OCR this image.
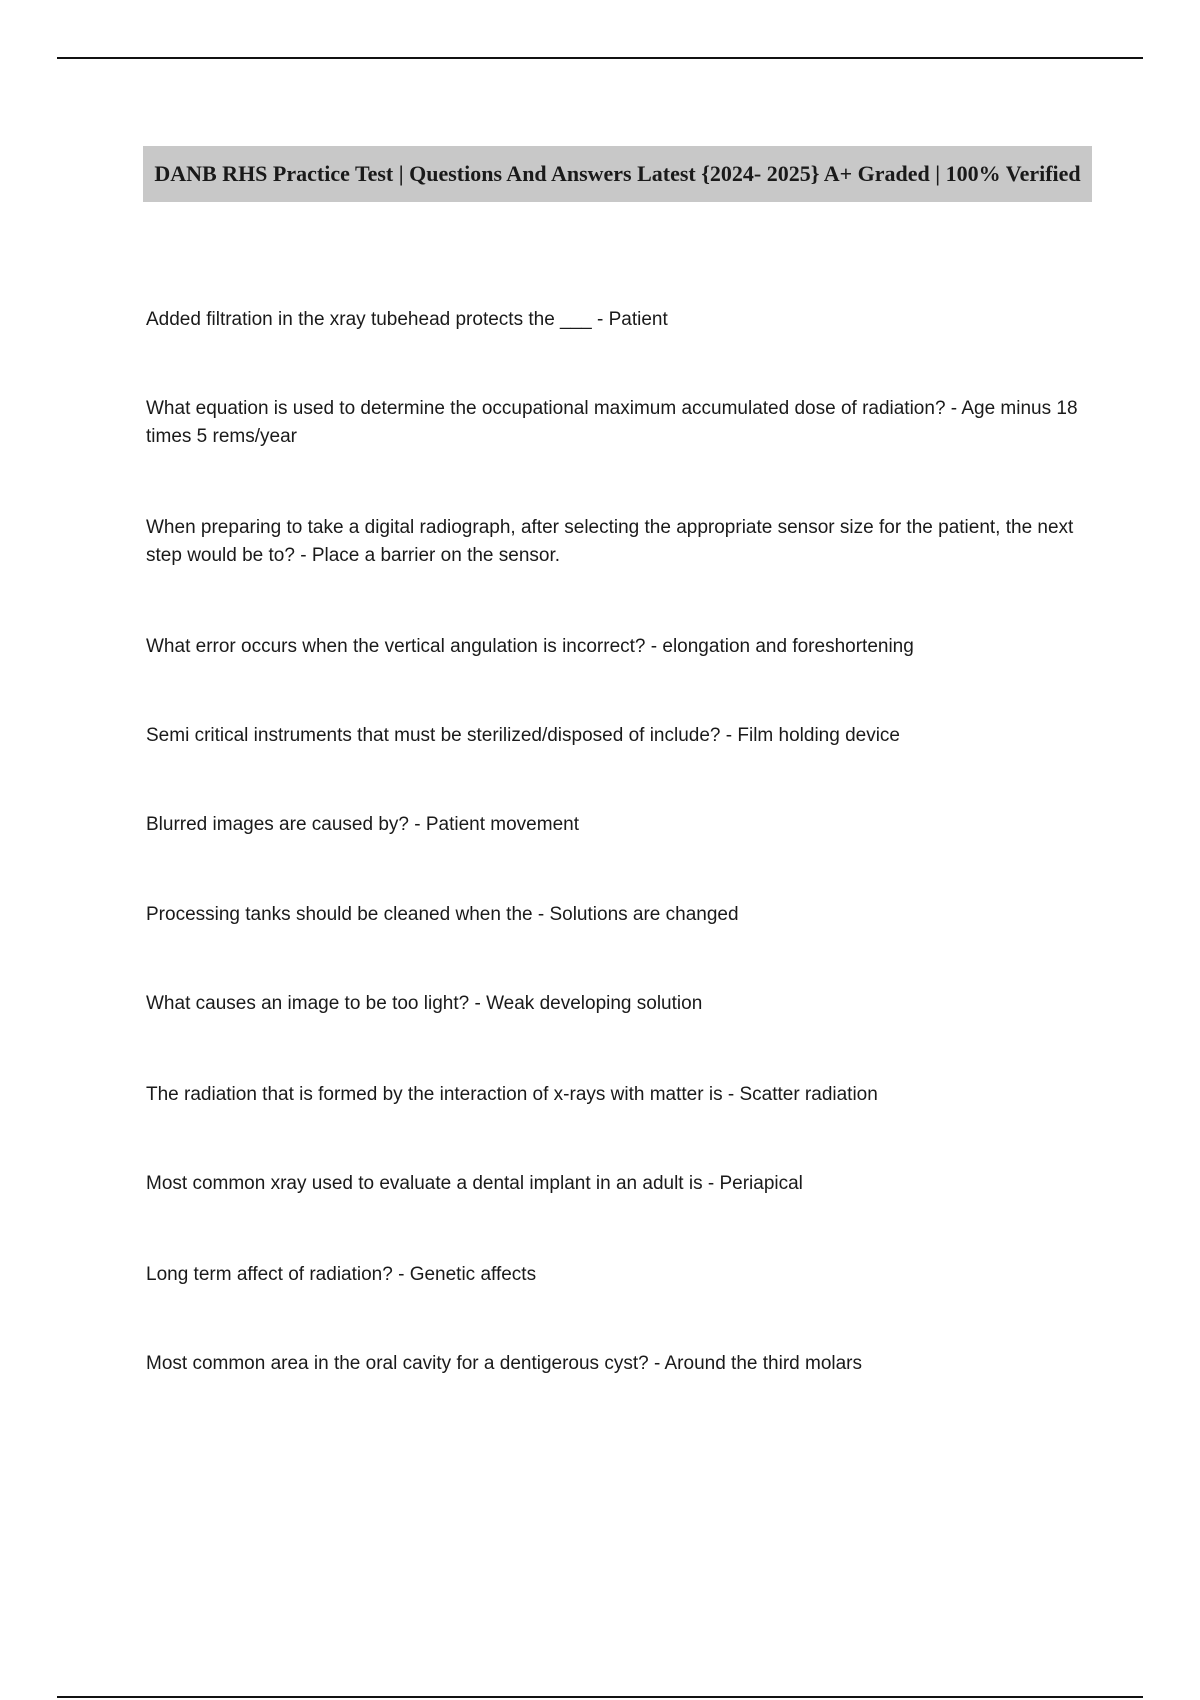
DANB RHS Practice Test | Questions And Answers Latest {2024- 2025} A+ Graded | 100% Verified
Added filtration in the xray tubehead protects the ___ - Patient
What equation is used to determine the occupational maximum accumulated dose of radiation? - Age minus 18 times 5 rems/year
When preparing to take a digital radiograph, after selecting the appropriate sensor size for the patient, the next step would be to? - Place a barrier on the sensor.
What error occurs when the vertical angulation is incorrect? - elongation and foreshortening
Semi critical instruments that must be sterilized/disposed of include? - Film holding device
Blurred images are caused by? - Patient movement
Processing tanks should be cleaned when the - Solutions are changed
What causes an image to be too light? - Weak developing solution
The radiation that is formed by the interaction of x-rays with matter is - Scatter radiation
Most common xray used to evaluate a dental implant in an adult is - Periapical
Long term affect of radiation? - Genetic affects
Most common area in the oral cavity for a dentigerous cyst? - Around the third molars
